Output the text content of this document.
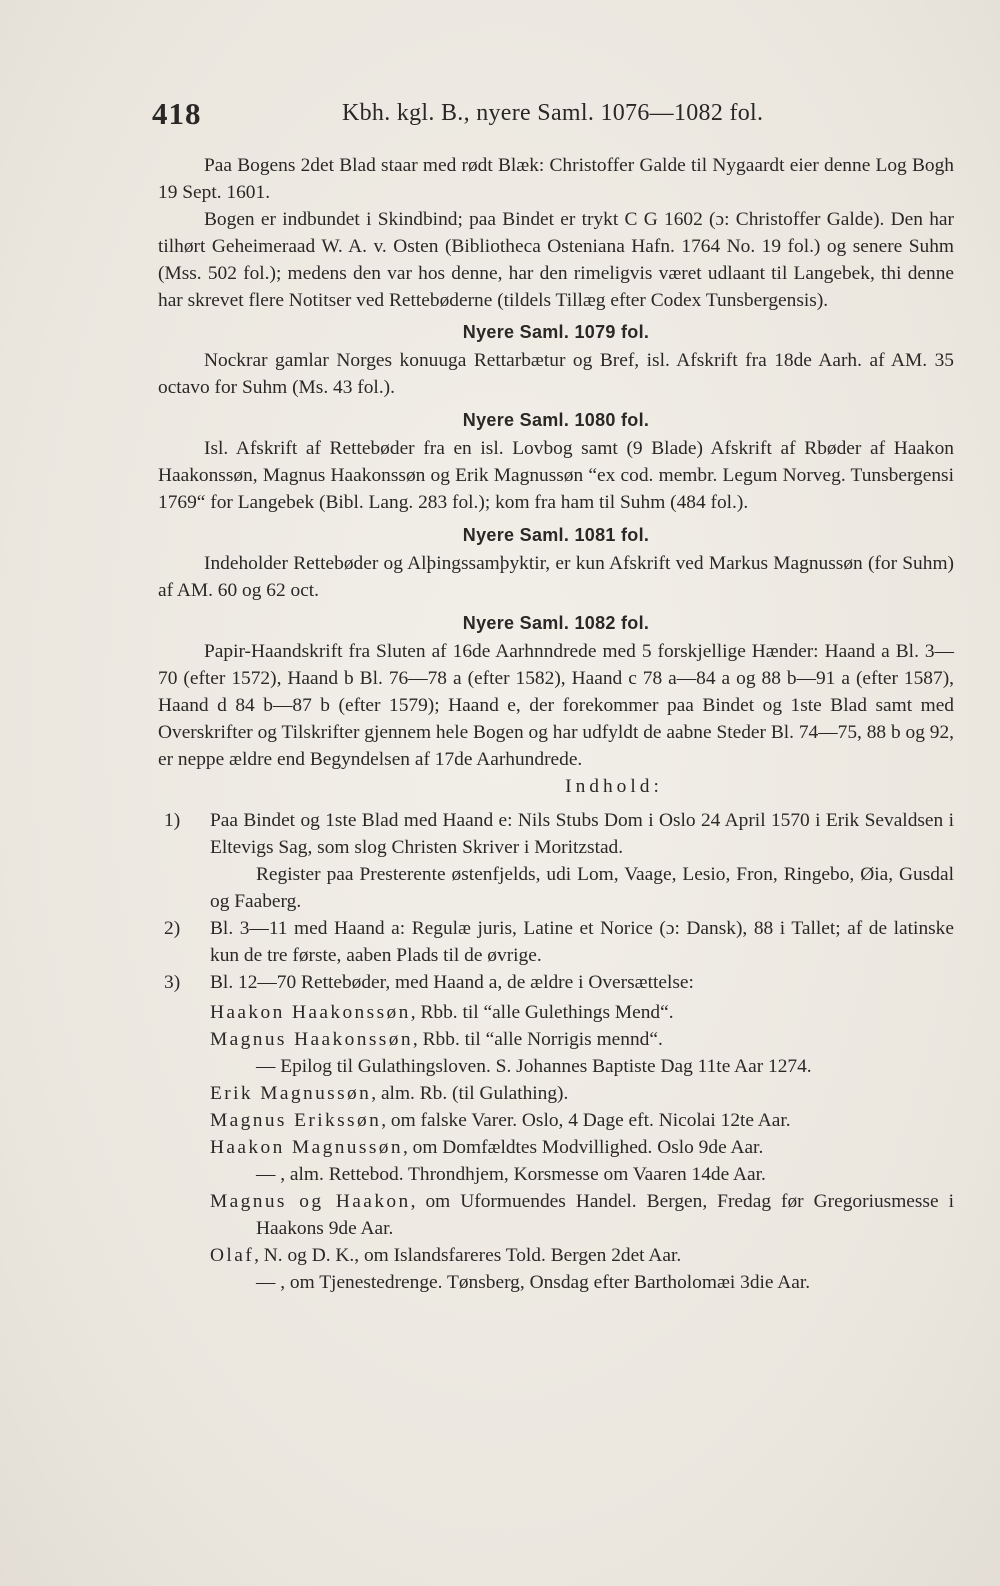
418	Kbh. kgl. B., nyere Saml. 1076—1082 fol.

Paa Bogens 2det Blad staar med rødt Blæk: Christoffer Galde til Nygaardt eier denne Log Bogh 19 Sept. 1601.

Bogen er indbundet i Skindbind; paa Bindet er trykt C G 1602 (ɔ: Christoffer Galde). Den har tilhørt Geheimeraad W. A. v. Osten (Bibliotheca Osteniana Hafn. 1764 No. 19 fol.) og senere Suhm (Mss. 502 fol.); medens den var hos denne, har den rimeligvis været udlaant til Langebek, thi denne har skrevet flere Notitser ved Rettebøderne (tildels Tillæg efter Codex Tunsbergensis).

Nyere Saml. 1079 fol.

Nockrar gamlar Norges konuuga Rettarbætur og Bref, isl. Afskrift fra 18de Aarh. af AM. 35 octavo for Suhm (Ms. 43 fol.).

Nyere Saml. 1080 fol.

Isl. Afskrift af Rettebøder fra en isl. Lovbog samt (9 Blade) Afskrift af Rbøder af Haakon Haakonssøn, Magnus Haakonssøn og Erik Magnussøn “ex cod. membr. Legum Norveg. Tunsbergensi 1769“ for Langebek (Bibl. Lang. 283 fol.); kom fra ham til Suhm (484 fol.).

Nyere Saml. 1081 fol.

Indeholder Rettebøder og Alþingssamþyktir, er kun Afskrift ved Markus Magnussøn (for Suhm) af AM. 60 og 62 oct.

Nyere Saml. 1082 fol.

Papir-Haandskrift fra Sluten af 16de Aarhnndrede med 5 forskjellige Hænder: Haand a Bl. 3—70 (efter 1572), Haand b Bl. 76—78 a (efter 1582), Haand c 78 a—84 a og 88 b—91 a (efter 1587), Haand d 84 b—87 b (efter 1579); Haand e, der forekommer paa Bindet og 1ste Blad samt med Overskrifter og Tilskrifter gjennem hele Bogen og har udfyldt de aabne Steder Bl. 74—75, 88 b og 92, er neppe ældre end Begyndelsen af 17de Aarhundrede.

Indhold:
1) Paa Bindet og 1ste Blad med Haand e: Nils Stubs Dom i Oslo 24 April 1570 i Erik Sevaldsen i Eltevigs Sag, som slog Christen Skriver i Moritzstad.

Register paa Presterente østenfjelds, udi Lom, Vaage, Lesio, Fron, Ringebo, Øia, Gusdal og Faaberg.

2) Bl. 3—11 med Haand a: Regulæ juris, Latine et Norice (ɔ: Dansk), 88 i Tallet; af de latinske kun de tre første, aaben Plads til de øvrige.

3) Bl. 12—70 Rettebøder, med Haand a, de ældre i Oversættelse:

Haakon Haakonssøn, Rbb. til “alle Gulethings Mend“.

Magnus Haakonssøn, Rbb. til “alle Norrigis mennd“.

— Epilog til Gulathingsloven. S. Johannes Baptiste Dag 11te Aar 1274.

Erik Magnussøn, alm. Rb. (til Gulathing).

Magnus Erikssøn, om falske Varer. Oslo, 4 Dage eft. Nicolai 12te Aar.

Haakon Magnussøn, om Domfældtes Modvillighed. Oslo 9de Aar.

— , alm. Rettebod. Throndhjem, Korsmesse om Vaaren 14de Aar.

Magnus og Haakon, om Uformuendes Handel. Bergen, Fredag før Gregoriusmesse i Haakons 9de Aar.

Olaf, N. og D. K., om Islandsfareres Told. Bergen 2det Aar.

— , om Tjenestedrenge. Tønsberg, Onsdag efter Bartholomæi 3die Aar.
